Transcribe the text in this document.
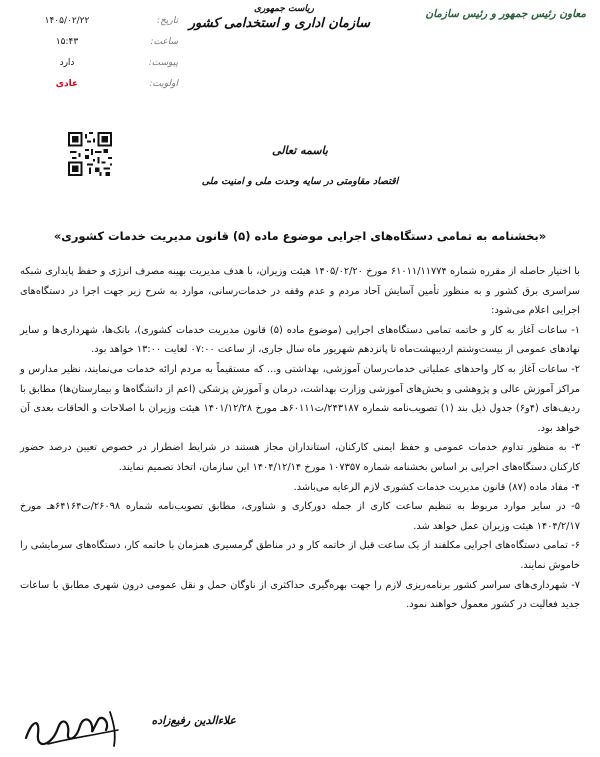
معاون رئیس جمهور و رئیس سازمان
ریاست جمهوری
سازمان اداری و استخدامی کشور
تاریخ:
۱۴۰۵/۰۲/۲۲
ساعت:
۱۵:۴۳
پیوست:
دارد
اولویت:
عادی
باسمه تعالی
اقتصاد مقاومتی در سایه وحدت ملی و امنیت ملی
«بخشنامه به تمامی دستگاه‌های اجرایی موضوع ماده (۵) قانون مدیریت خدمات کشوری»

با اختیار حاصله از مقرره شماره ۶۱۰۱۱/۱۱۷۷۴ مورخ ۱۴۰۵/۰۲/۲۰ هیئت وزیران، با هدف مدیریت بهینه مصرف انرژی و حفظ پایداری شبکه سراسری برق کشور و به منظور تأمین آسایش آحاد مردم و عدم وقفه در خدمات‌رسانی، موارد به شرح زیر جهت اجرا در دستگاه‌های اجرایی اعلام می‌شود:

۱- ساعات آغاز به کار و خاتمه تمامی دستگاه‌های اجرایی (موضوع ماده (۵) قانون مدیریت خدمات کشوری)، بانک‌ها، شهرداری‌ها و سایر نهادهای عمومی از بیست‌وشتم اردیبهشت‌ماه تا پانزدهم شهریور ماه سال جاری، از ساعت ۰۷:۰۰ لغایت ۱۳:۰۰ خواهد بود.

۲- ساعات آغاز به کار واحدهای عملیاتی خدمات‌رسان آموزشی، بهداشتی و... که مستقیماً به مردم ارائه خدمات می‌نمایند، نظیر مدارس و مراکز آموزش عالی و پژوهشی و بخش‌های آموزشی وزارت بهداشت، درمان و آموزش پزشکی (اعم از دانشگاه‌ها و بیمارستان‌ها) مطابق با ردیف‌های (۴و۶) جدول ذیل بند (۱) تصویب‌نامه شماره ۲۴۳۱۸۷/ت۶۰۱۱۱هـ مورخ ۱۴۰۱/۱۲/۲۸ هیئت وزیران با اصلاحات و الحاقات بعدی آن خواهد بود.

۳- به منظور تداوم خدمات عمومی و حفظ ایمنی کارکنان، استانداران مجاز هستند در شرایط اضطرار در خصوص تعیین درصد حضور کارکنان دستگاه‌های اجرایی بر اساس بخشنامه شماره ۱۰۷۳۵۷ مورخ ۱۴۰۴/۱۲/۱۴ این سازمان، اتخاذ تصمیم نمایند.

۴- مفاد ماده (۸۷) قانون مدیریت خدمات کشوری لازم الرعایه می‌باشد.

۵- در سایر موارد مربوط به تنظیم ساعت کاری از جمله دورکاری و شناوری، مطابق تصویب‌نامه شماره ۲۶۰۹۸/ت۶۴۱۶۴هـ مورخ ۱۴۰۴/۲/۱۷ هیئت وزیران عمل خواهد شد.

۶- تمامی دستگاه‌های اجرایی مکلفند از یک ساعت قبل از خاتمه کار و در مناطق گرمسیری همزمان با خاتمه کار، دستگاه‌های سرمایشی را خاموش نمایند.

۷- شهرداری‌های سراسر کشور برنامه‌ریزی لازم را جهت بهره‌گیری حداکثری از ناوگان حمل و نقل عمومی درون شهری مطابق با ساعات جدید فعالیت در کشور معمول خواهند نمود.

علاء‌الدین رفیع‌زاده
